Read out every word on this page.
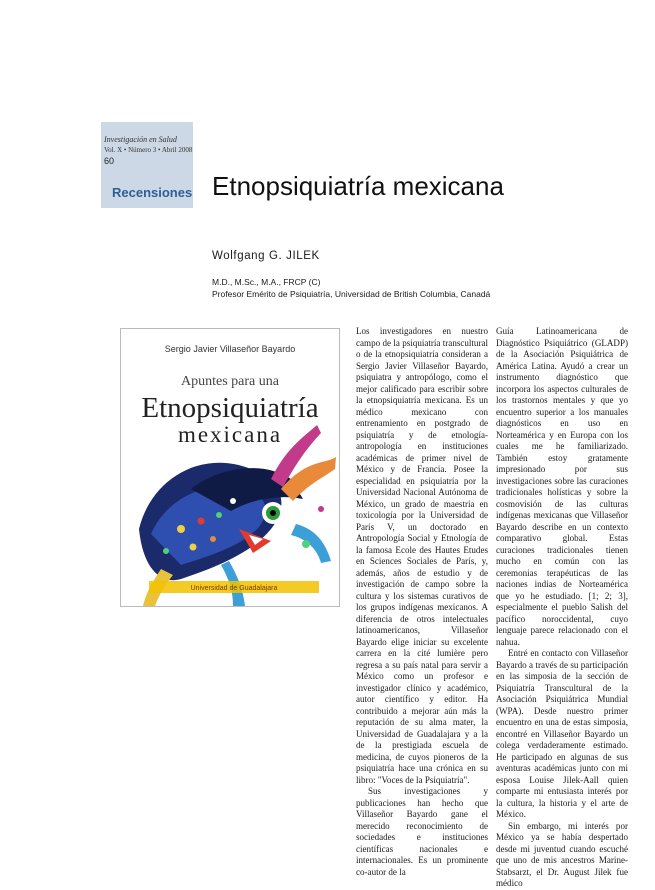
Investigación en Salud
Vol. X • Número 3 • Abril 2008
60
Recensiones Etnopsiquiatría mexicana
Wolfgang G. JILEK
M.D., M.Sc., M.A., FRCP (C)
Profesor Emérito de Psiquiatría, Universidad de British Columbia, Canadá
Sergio Javier Villaseñor Bayardo
Apuntes para una
Etnopsiquiatría
mexicana
Universidad de Guadalajara

Los investigadores en nuestro campo de la psiquiatría transcultural o de la etnopsiquiatría consideran a Sergio Javier Villaseñor Bayardo, psiquiatra y antropólogo, como el mejor calificado para escribir sobre la etnopsiquiatría mexicana. Es un médico mexicano con entrenamiento en postgrado de psiquiatría y de etnología-antropología en instituciones académicas de primer nivel de México y de Francia. Posee la especialidad en psiquiatría por la Universidad Nacional Autónoma de México, un grado de maestría en toxicología por la Universidad de París V, un doctorado en Antropología Social y Etnología de la famosa Ecole des Hautes Etudes en Sciences Sociales de París, y, además, años de estudio y de investigación de campo sobre la cultura y los sistemas curativos de los grupos indígenas mexicanos. A diferencia de otros intelectuales latinoamericanos, Villaseñor Bayardo elige iniciar su excelente carrera en la cité lumière pero regresa a su país natal para servir a México como un profesor e investigador clínico y académico, autor científico y editor. Ha contribuido a mejorar aún más la reputación de su alma mater, la Universidad de Guadalajara y a la de la prestigiada escuela de medicina, de cuyos pioneros de la psiquiatría hace una crónica en su libro: "Voces de la Psiquiatría".

Sus investigaciones y publicaciones han hecho que Villaseñor Bayardo gane el merecido reconocimiento de sociedades e instituciones científicas nacionales e internacionales. Es un prominente co-autor de la

Guía Latinoamericana de Diagnóstico Psiquiátrico (GLADP) de la Asociación Psiquiátrica de América Latina. Ayudó a crear un instrumento diagnóstico que incorpora los aspectos culturales de los trastornos mentales y que yo encuentro superior a los manuales diagnósticos en uso en Norteamérica y en Europa con los cuales me he familiarizado. También estoy gratamente impresionado por sus investigaciones sobre las curaciones tradicionales holísticas y sobre la cosmovisión de las culturas indígenas mexicanas que Villaseñor Bayardo describe en un contexto comparativo global. Estas curaciones tradicionales tienen mucho en común con las ceremonias terapéuticas de las naciones indias de Norteamérica que yo he estudiado. [1; 2; 3], especialmente el pueblo Salish del pacífico noroccidental, cuyo lenguaje parece relacionado con el nahua.

Entré en contacto con Villaseñor Bayardo a través de su participación en las simposia de la sección de Psiquiatría Transcultural de la Asociación Psiquiátrica Mundial (WPA). Desde nuestro primer encuentro en una de estas simposia, encontré en Villaseñor Bayardo un colega verdaderamente estimado. He participado en algunas de sus aventuras académicas junto con mi esposa Louise Jilek-Aall quien comparte mi entusiasta interés por la cultura, la historia y el arte de México.

Sin embargo, mi interés por México ya se había despertado desde mi juventud cuando escuché que uno de mis ancestros Marine-Stabsarzt, el Dr. August Jilek fue médico
